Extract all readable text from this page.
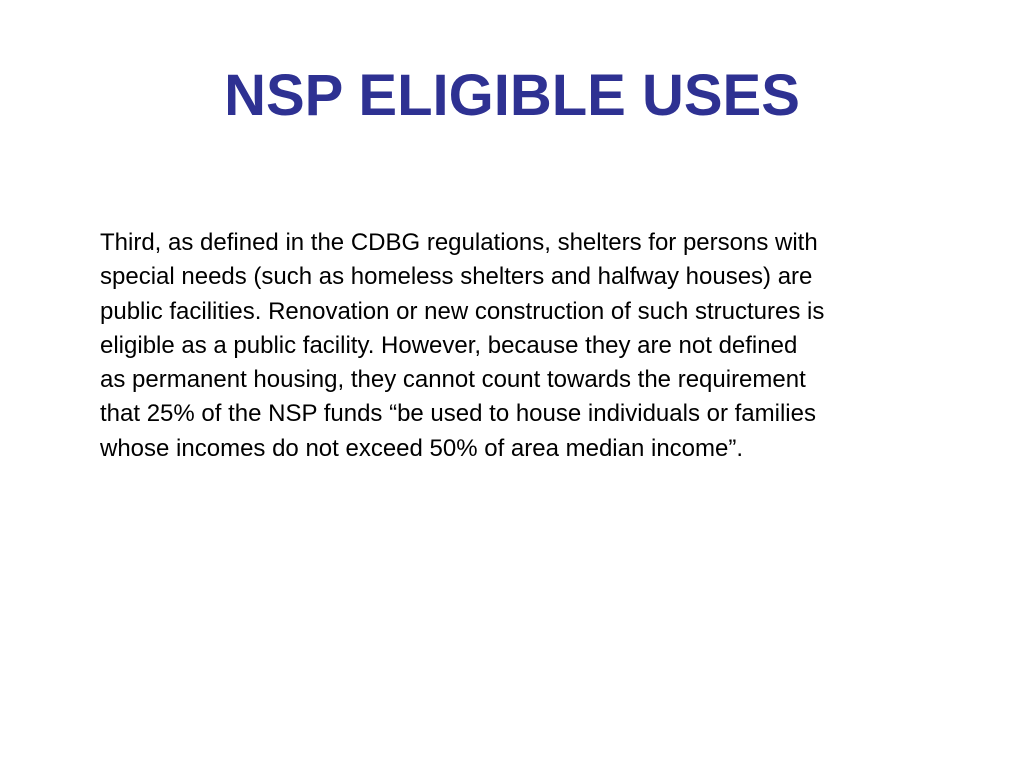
NSP ELIGIBLE USES
Third, as defined in the CDBG regulations, shelters for persons with
special needs (such as homeless shelters and halfway houses) are
public facilities. Renovation or new construction of such structures is
eligible as a public facility. However, because they are not defined
as permanent housing, they cannot count towards the requirement
that 25% of the NSP funds “be used to house individuals or families
whose incomes do not exceed 50% of area median income”.
